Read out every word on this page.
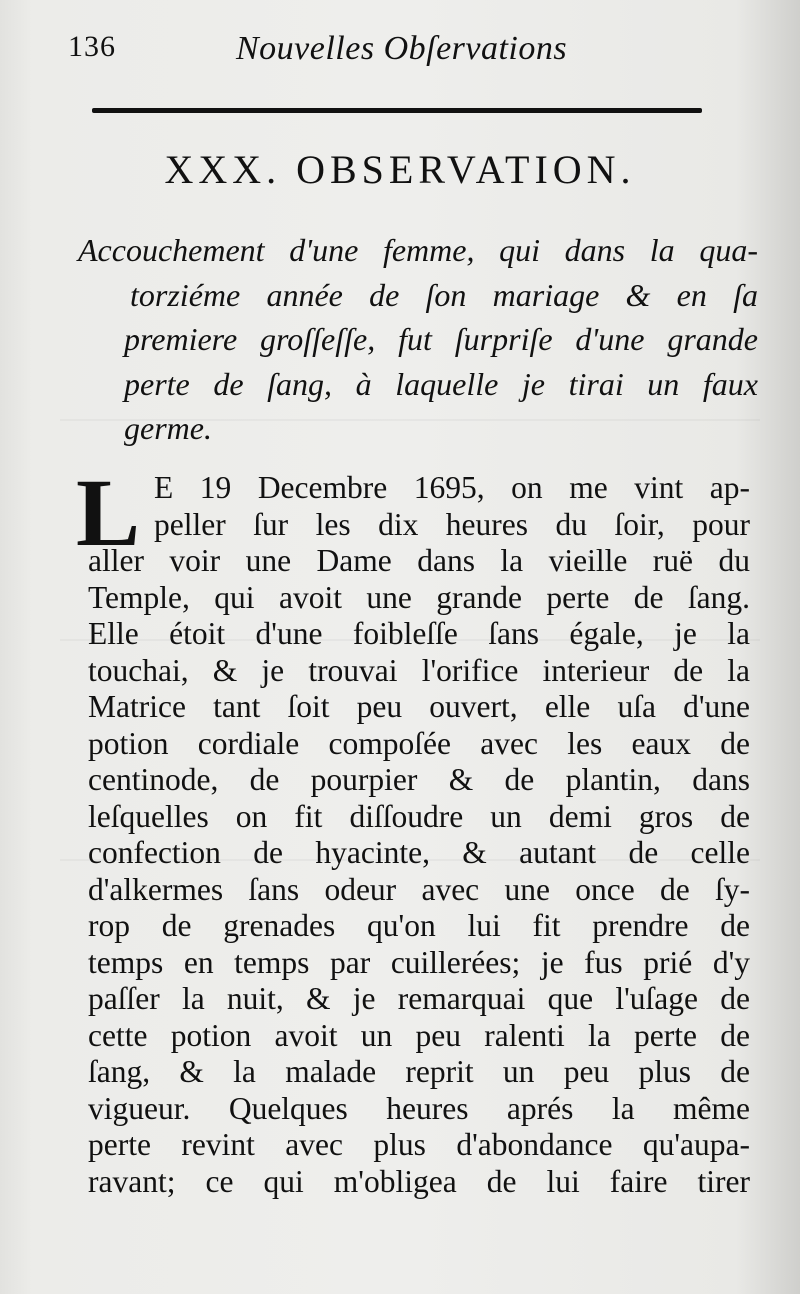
136	Nouvelles Obſervations
XXX. OBSERVATION.
Accouchement d'une femme, qui dans la qua-
torziéme année de ſon mariage & en ſa
premiere groſſeſſe, fut ſurpriſe d'une grande
perte de ſang, à laquelle je tirai un faux
germe.
L E 19 Decembre 1695, on me vint ap-
peller ſur les dix heures du ſoir, pour
aller voir une Dame dans la vieille ruë du
Temple, qui avoit une grande perte de ſang.
Elle étoit d'une foibleſſe ſans égale, je la
touchai, & je trouvai l'orifice interieur de la
Matrice tant ſoit peu ouvert, elle uſa d'une
potion cordiale compoſée avec les eaux de
centinode, de pourpier & de plantin, dans
leſquelles on fit diſſoudre un demi gros de
confection de hyacinte, & autant de celle
d'alkermes ſans odeur avec une once de ſy-
rop de grenades qu'on lui fit prendre de
temps en temps par cuillerées; je fus prié d'y
paſſer la nuit, & je remarquai que l'uſage de
cette potion avoit un peu ralenti la perte de
ſang, & la malade reprit un peu plus de
vigueur. Quelques heures aprés la même
perte revint avec plus d'abondance qu'aupa-
ravant; ce qui m'obligea de lui faire tirer
